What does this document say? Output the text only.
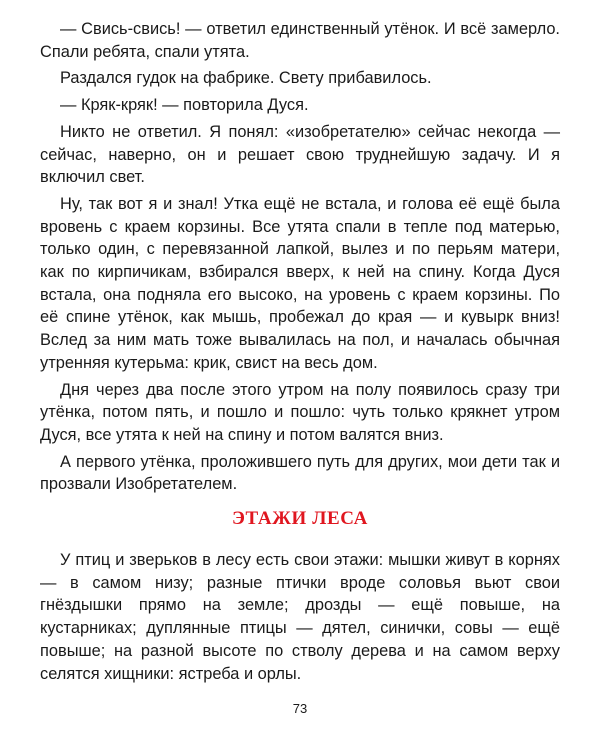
— Свись-свись! — ответил единственный утёнок. И всё замерло. Спали ребята, спали утята.

Раздался гудок на фабрике. Свету прибавилось.

— Кряк-кряк! — повторила Дуся.

Никто не ответил. Я понял: «изобретателю» сейчас некогда — сейчас, наверно, он и решает свою труднейшую задачу. И я включил свет.

Ну, так вот я и знал! Утка ещё не встала, и голова её ещё была вровень с краем корзины. Все утята спали в тепле под матерью, только один, с перевязанной лапкой, вылез и по перьям матери, как по кирпичикам, взбирался вверх, к ней на спину. Когда Дуся встала, она подняла его высоко, на уровень с краем корзины. По её спине утёнок, как мышь, пробежал до края — и кувырк вниз! Вслед за ним мать тоже вывалилась на пол, и началась обычная утренняя кутерьма: крик, свист на весь дом.

Дня через два после этого утром на полу появилось сразу три утёнка, потом пять, и пошло и пошло: чуть только крякнет утром Дуся, все утята к ней на спину и потом валятся вниз.

А первого утёнка, проложившего путь для других, мои дети так и прозвали Изобретателем.

ЭТАЖИ ЛЕСА

У птиц и зверьков в лесу есть свои этажи: мышки живут в корнях — в самом низу; разные птички вроде соловья вьют свои гнёздышки прямо на земле; дрозды — ещё повыше, на кустарниках; дуплянные птицы — дятел, синички, совы — ещё повыше; на разной высоте по стволу дерева и на самом верху селятся хищники: ястреба и орлы.

73
